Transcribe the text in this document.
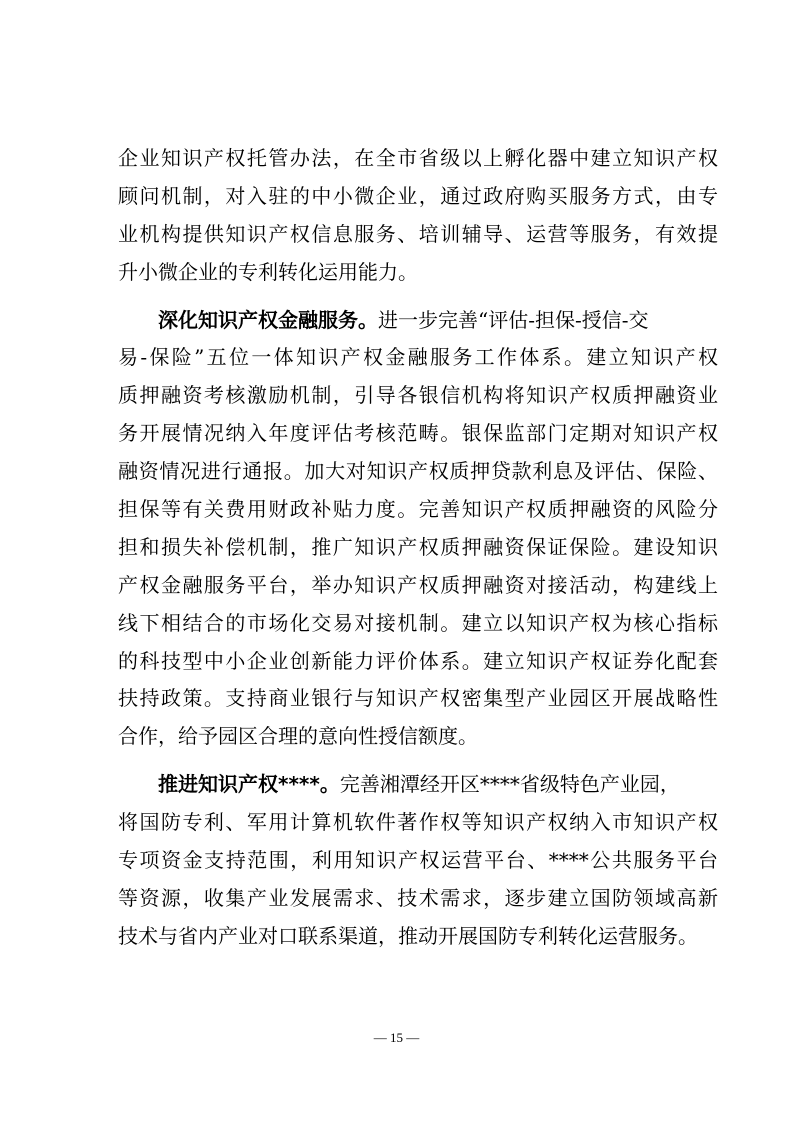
企业知识产权托管办法，在全市省级以上孵化器中建立知识产权
顾问机制，对入驻的中小微企业，通过政府购买服务方式，由专
业机构提供知识产权信息服务、培训辅导、运营等服务，有效提
升小微企业的专利转化运用能力。
深化知识产权金融服务。进一步完善“评估-担保-授信-交
易-保险”五位一体知识产权金融服务工作体系。建立知识产权
质押融资考核激励机制，引导各银信机构将知识产权质押融资业
务开展情况纳入年度评估考核范畴。银保监部门定期对知识产权
融资情况进行通报。加大对知识产权质押贷款利息及评估、保险、
担保等有关费用财政补贴力度。完善知识产权质押融资的风险分
担和损失补偿机制，推广知识产权质押融资保证保险。建设知识
产权金融服务平台，举办知识产权质押融资对接活动，构建线上
线下相结合的市场化交易对接机制。建立以知识产权为核心指标
的科技型中小企业创新能力评价体系。建立知识产权证券化配套
扶持政策。支持商业银行与知识产权密集型产业园区开展战略性
合作，给予园区合理的意向性授信额度。
推进知识产权****。完善湘潭经开区****省级特色产业园，
将国防专利、军用计算机软件著作权等知识产权纳入市知识产权
专项资金支持范围，利用知识产权运营平台、****公共服务平台
等资源，收集产业发展需求、技术需求，逐步建立国防领域高新
技术与省内产业对口联系渠道，推动开展国防专利转化运营服务。
— 15 —
